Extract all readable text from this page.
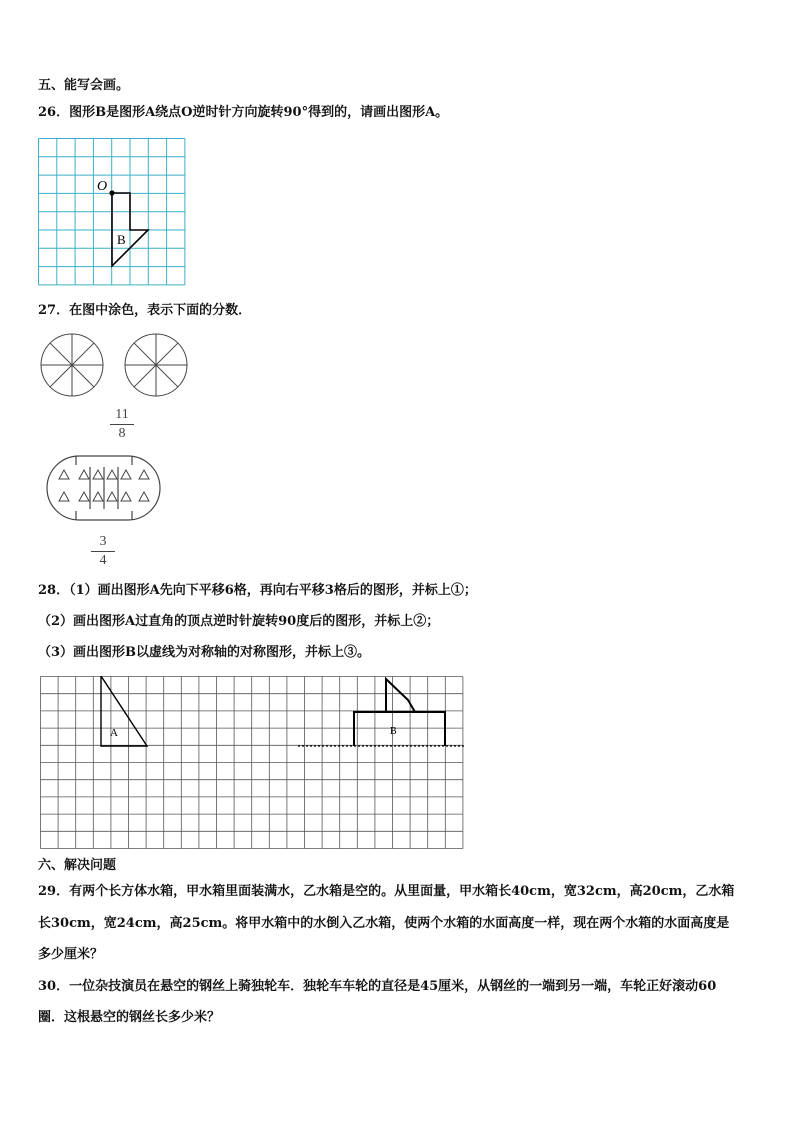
五、能写会画。
26．图形B是图形A绕点O逆时针方向旋转90°得到的，请画出图形A。
O
B
27．在图中涂色，表示下面的分数．
11
8
3
4
28．（1）画出图形A先向下平移6格，再向右平移3格后的图形，并标上①；
（2）画出图形A过直角的顶点逆时针旋转90度后的图形，并标上②；
（3）画出图形B以虚线为对称轴的对称图形，并标上③。
A	B
六、解决问题
29．有两个长方体水箱，甲水箱里面装满水，乙水箱是空的。从里面量，甲水箱长40cm，宽32cm，高20cm，乙水箱
长30cm，宽24cm，高25cm。将甲水箱中的水倒入乙水箱，使两个水箱的水面高度一样，现在两个水箱的水面高度是
多少厘米？
30．一位杂技演员在悬空的钢丝上骑独轮车．独轮车车轮的直径是45厘米，从钢丝的一端到另一端，车轮正好滚动60
圈．这根悬空的钢丝长多少米？
